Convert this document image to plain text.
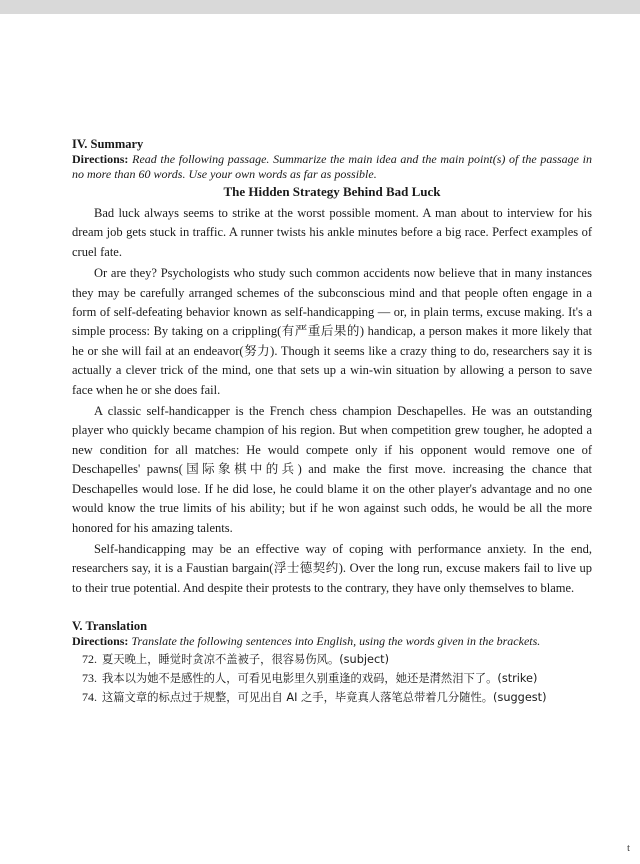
IV. Summary

Directions: Read the following passage. Summarize the main idea and the main point(s) of the passage in no more than 60 words. Use your own words as far as possible.

The Hidden Strategy Behind Bad Luck

Bad luck always seems to strike at the worst possible moment. A man about to interview for his dream job gets stuck in traffic. A runner twists his ankle minutes before a big race. Perfect examples of cruel fate.

Or are they? Psychologists who study such common accidents now believe that in many instances they may be carefully arranged schemes of the subconscious mind and that people often engage in a form of self-defeating behavior known as self-handicapping — or, in plain terms, excuse making. It's a simple process: By taking on a crippling(有严重后果的) handicap, a person makes it more likely that he or she will fail at an endeavor(努力). Though it seems like a crazy thing to do, researchers say it is actually a clever trick of the mind, one that sets up a win-win situation by allowing a person to save face when he or she does fail.

A classic self-handicapper is the French chess champion Deschapelles. He was an outstanding player who quickly became champion of his region. But when competition grew tougher, he adopted a new condition for all matches: He would compete only if his opponent would remove one of Deschapelles' pawns(国际象棋中的兵) and make the first move. increasing the chance that Deschapelles would lose. If he did lose, he could blame it on the other player's advantage and no one would know the true limits of his ability; but if he won against such odds, he would be all the more honored for his amazing talents.

Self-handicapping may be an effective way of coping with performance anxiety. In the end, researchers say, it is a Faustian bargain(浮士德契约). Over the long run, excuse makers fail to live up to their true potential. And despite their protests to the contrary, they have only themselves to blame.

V. Translation

Directions: Translate the following sentences into English, using the words given in the brackets.

72. 夏天晚上，睡觉时贪凉不盖被子，很容易伤风。(subject)
73. 我本以为她不是感性的人，可看见电影里久别重逢的戏码，她还是潸然泪下了。(strike)
74. 这篇文章的标点过于规整，可见出自 AI 之手，毕竟真人落笔总带着几分随性。(suggest)
t
